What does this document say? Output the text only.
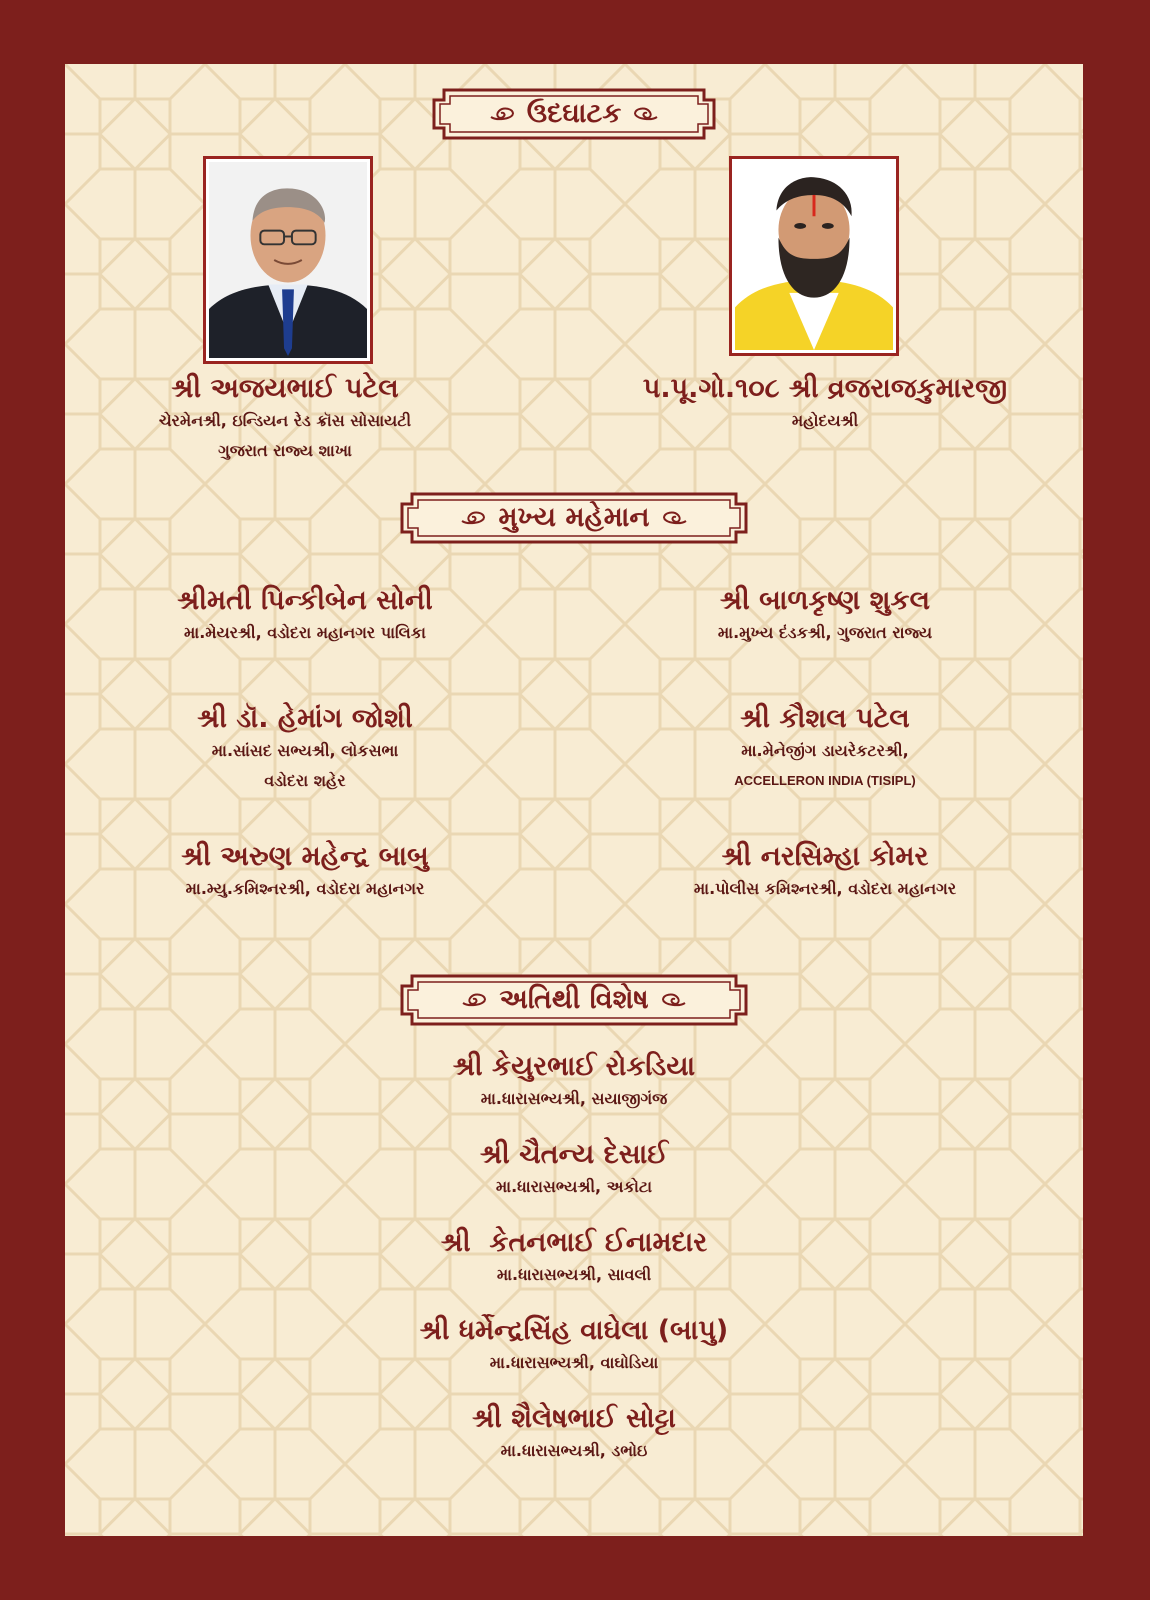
ઉદઘાટક
શ્રી અજયભાઈ પટેલ
ચેરમેનશ્રી, ઇન્ડિયન રેડ ક્રૉસ સોસાયટી
ગુજરાત રાજ્ય શાખા
પ.પૂ.ગો.૧૦૮ શ્રી વ્રજરાજકુમારજી
મહોદયશ્રી
મુખ્ય મહેમાન
શ્રીમતી પિન્કીબેન સોની
મા.મેયરશ્રી, વડોદરા મહાનગર પાલિકા
શ્રી બાળકૃષ્ણ શુકલ
મા.મુખ્ય દંડકશ્રી, ગુજરાત રાજ્ય
શ્રી ડૉ. હેમાંગ જોશી
મા.સાંસદ સભ્યશ્રી, લોકસભા
વડોદરા શહેર
શ્રી કૌશલ પટેલ
મા.મેનેજીંગ ડાયરેકટરશ્રી,
ACCELLERON INDIA (TISIPL)
શ્રી અરુણ મહેન્દ્ર બાબુ
મા.મ્યુ.કમિશ્નરશ્રી, વડોદરા મહાનગર
શ્રી નરસિમ્હા કોમર
મા.પોલીસ કમિશ્નરશ્રી, વડોદરા મહાનગર
અતિથી વિશેષ
શ્રી કેયુરભાઈ રોકડિયા
મા.ધારાસભ્યશ્રી, સયાજીગંજ
શ્રી ચૈતન્ય દેસાઈ
મા.ધારાસભ્યશ્રી, અકોટા
શ્રી  કેતનભાઈ ઈનામદાર
મા.ધારાસભ્યશ્રી, સાવલી
શ્રી ધર્મેન્દ્રસિંહ વાઘેલા (બાપુ)
મા.ધારાસભ્યશ્રી, વાઘોડિયા
શ્રી શૈલેષભાઈ સોટ્ટા
મા.ધારાસભ્યશ્રી, ડભોઇ
